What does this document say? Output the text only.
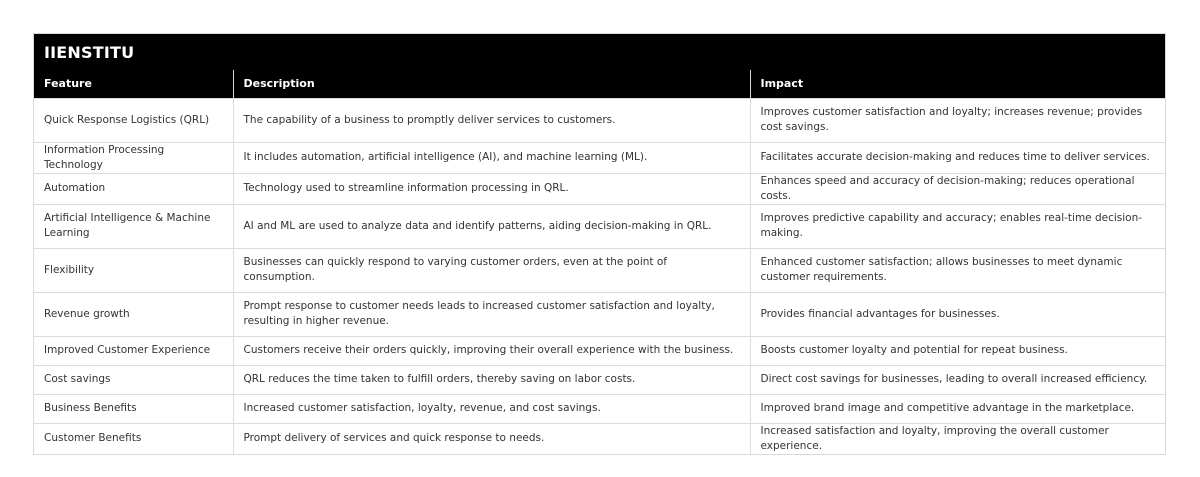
IIENSTITU
Feature	Description	Impact
Quick Response Logistics (QRL)	The capability of a business to promptly deliver services to customers.	Improves customer satisfaction and loyalty; increases revenue; provides cost savings.
Information Processing Technology	It includes automation, artificial intelligence (AI), and machine learning (ML).	Facilitates accurate decision-making and reduces time to deliver services.
Automation	Technology used to streamline information processing in QRL.	Enhances speed and accuracy of decision-making; reduces operational costs.
Artificial Intelligence & Machine Learning	AI and ML are used to analyze data and identify patterns, aiding decision-making in QRL.	Improves predictive capability and accuracy; enables real-time decision-making.
Flexibility	Businesses can quickly respond to varying customer orders, even at the point of consumption.	Enhanced customer satisfaction; allows businesses to meet dynamic customer requirements.
Revenue growth	Prompt response to customer needs leads to increased customer satisfaction and loyalty, resulting in higher revenue.	Provides financial advantages for businesses.
Improved Customer Experience	Customers receive their orders quickly, improving their overall experience with the business.	Boosts customer loyalty and potential for repeat business.
Cost savings	QRL reduces the time taken to fulfill orders, thereby saving on labor costs.	Direct cost savings for businesses, leading to overall increased efficiency.
Business Benefits	Increased customer satisfaction, loyalty, revenue, and cost savings.	Improved brand image and competitive advantage in the marketplace.
Customer Benefits	Prompt delivery of services and quick response to needs.	Increased satisfaction and loyalty, improving the overall customer experience.
